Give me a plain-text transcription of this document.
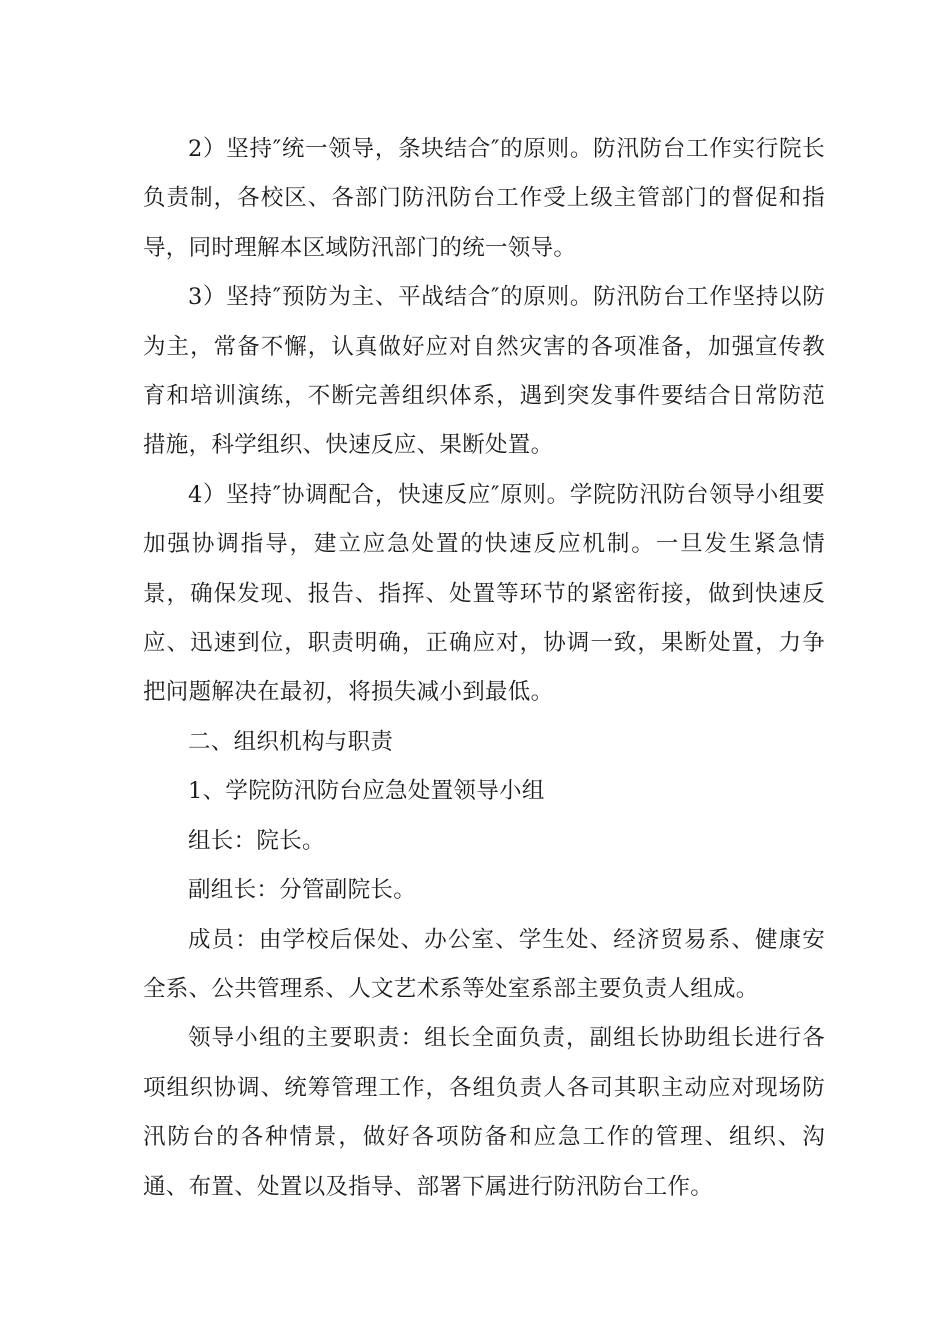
2）坚持″统一领导，条块结合″的原则。防汛防台工作实行院长负责制，各校区、各部门防汛防台工作受上级主管部门的督促和指导，同时理解本区域防汛部门的统一领导。

3）坚持″预防为主、平战结合″的原则。防汛防台工作坚持以防为主，常备不懈，认真做好应对自然灾害的各项准备，加强宣传教育和培训演练，不断完善组织体系，遇到突发事件要结合日常防范措施，科学组织、快速反应、果断处置。

4）坚持″协调配合，快速反应″原则。学院防汛防台领导小组要加强协调指导，建立应急处置的快速反应机制。一旦发生紧急情景，确保发现、报告、指挥、处置等环节的紧密衔接，做到快速反应、迅速到位，职责明确，正确应对，协调一致，果断处置，力争把问题解决在最初，将损失减小到最低。

二、组织机构与职责

1、学院防汛防台应急处置领导小组

组长：院长。

副组长：分管副院长。

成员：由学校后保处、办公室、学生处、经济贸易系、健康安全系、公共管理系、人文艺术系等处室系部主要负责人组成。

领导小组的主要职责：组长全面负责，副组长协助组长进行各项组织协调、统筹管理工作，各组负责人各司其职主动应对现场防汛防台的各种情景，做好各项防备和应急工作的管理、组织、沟通、布置、处置以及指导、部署下属进行防汛防台工作。
